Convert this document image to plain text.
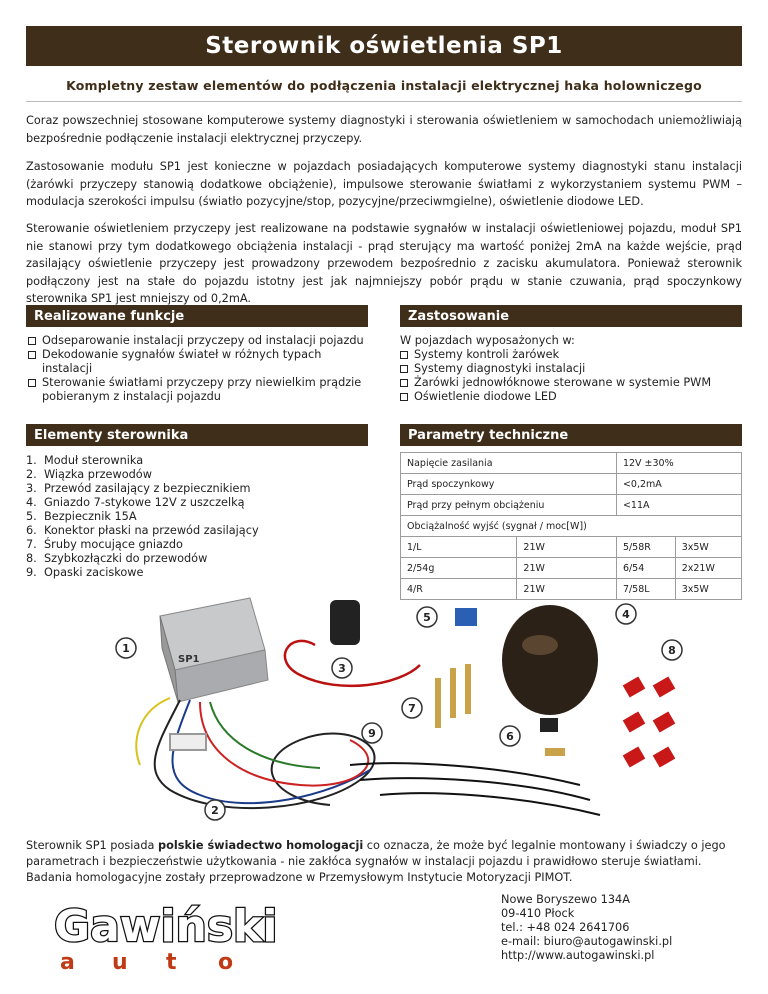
Sterownik oświetlenia SP1
Kompletny zestaw elementów do podłączenia instalacji elektrycznej haka holowniczego

Coraz powszechniej stosowane komputerowe systemy diagnostyki i sterowania oświetleniem w samochodach uniemożliwiają bezpośrednie podłączenie instalacji elektrycznej przyczepy.

Zastosowanie modułu SP1 jest konieczne w pojazdach posiadających komputerowe systemy diagnostyki stanu instalacji (żarówki przyczepy stanowią dodatkowe obciążenie), impulsowe sterowanie światłami z wykorzystaniem systemu PWM – modulacja szerokości impulsu (światło pozycyjne/stop, pozycyjne/przeciwmgielne), oświetlenie diodowe LED.

Sterowanie oświetleniem przyczepy jest realizowane na podstawie sygnałów w instalacji oświetleniowej pojazdu, moduł SP1 nie stanowi przy tym dodatkowego obciążenia instalacji - prąd sterujący ma wartość poniżej 2mA na każde wejście, prąd zasilający oświetlenie przyczepy jest prowadzony przewodem bezpośrednio z zacisku akumulatora. Ponieważ sterownik podłączony jest na stałe do pojazdu istotny jest jak najmniejszy pobór prądu w stanie czuwania, prąd spoczynkowy sterownika SP1 jest mniejszy od 0,2mA.

Realizowane funkcje
Odseparowanie instalacji przyczepy od instalacji pojazdu
Dekodowanie sygnałów świateł w różnych typach instalacji
Sterowanie światłami przyczepy przy niewielkim prądzie pobieranym z instalacji pojazdu
Zastosowanie
W pojazdach wyposażonych w:
Systemy kontroli żarówek
Systemy diagnostyki instalacji
Żarówki jednowłóknowe sterowane w systemie PWM
Oświetlenie diodowe LED
Elementy sterownika
1. Moduł sterownika
2. Wiązka przewodów
3. Przewód zasilający z bezpiecznikiem
4. Gniazdo 7-stykowe 12V z uszczelką
5. Bezpiecznik 15A
6. Konektor płaski na przewód zasilający
7. Śruby mocujące gniazdo
8. Szybkozłączki do przewodów
9. Opaski zaciskowe
Parametry techniczne
Napięcie zasilania		12V ±30%	
Prąd spoczynkowy		<0,2mA	
Prąd przy pełnym obciążeniu		<11A	
Obciążalność wyjść (sygnał / moc[W])			
1/L	21W	5/58R	3x5W
2/54g	21W	6/54	2x21W
4/R	21W	7/58L	3x5W
SP1
1
2
3
4
5
6
7
8
9

Sterownik SP1 posiada polskie świadectwo homologacji co oznacza, że może być legalnie montowany i świadczy o jego parametrach i bezpieczeństwie użytkowania - nie zakłóca sygnałów w instalacji pojazdu i prawidłowo steruje światłami. Badania homologacyjne zostały przeprowadzone w Przemysłowym Instytucie Motoryzacji PIMOT.

Gawiński
a u t o
Nowe Boryszewo 134A
09-410 Płock
tel.: +48 024 2641706
e-mail: biuro@autogawinski.pl
http://www.autogawinski.pl
